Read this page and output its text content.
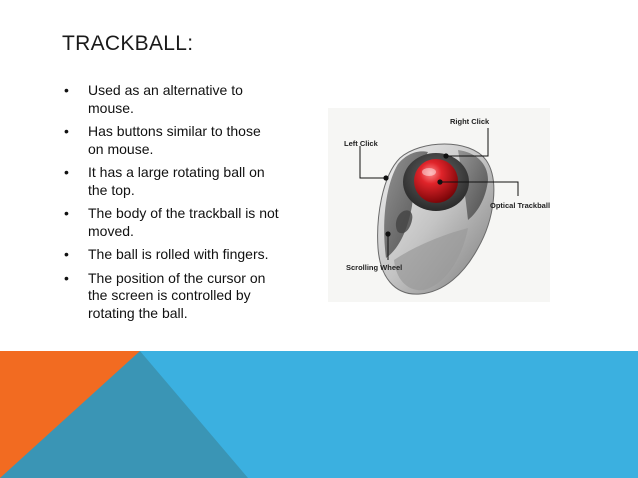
TRACKBALL:
• Used as an alternative to mouse.
• Has buttons similar to those on mouse.
• It has a large rotating ball on the top.
• The body of the trackball is not moved.
• The ball is rolled with fingers.
• The position of the cursor on the screen is controlled by rotating the ball.
Right Click
Left Click
Optical Trackball
Scrolling Wheel
